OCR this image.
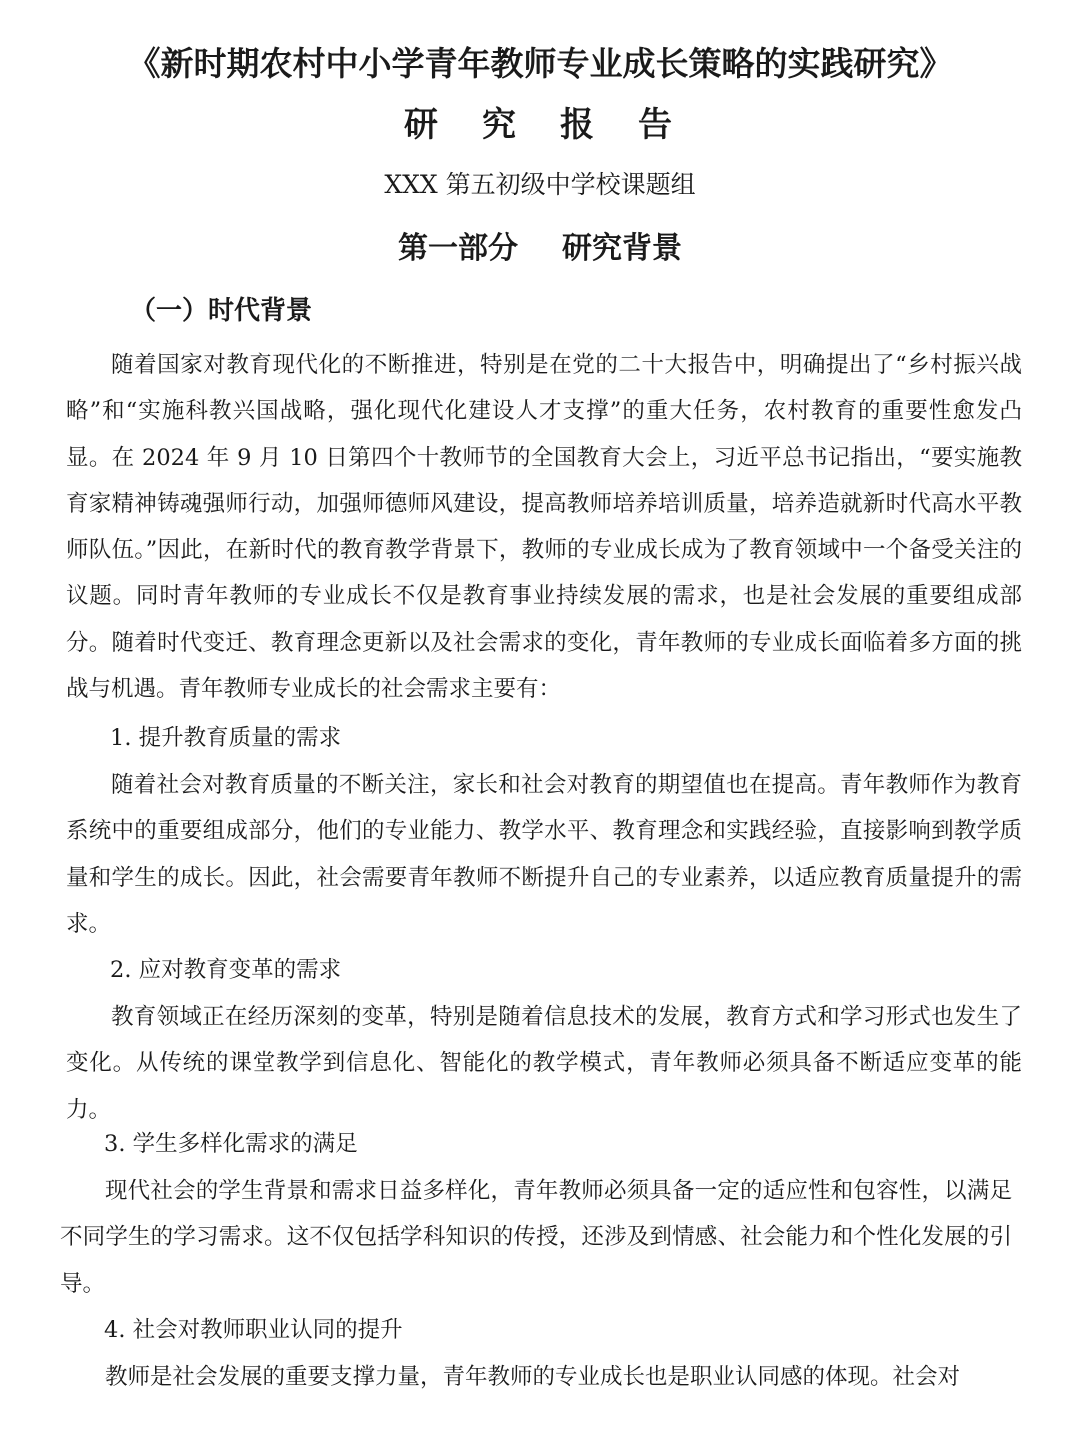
《新时期农村中小学青年教师专业成长策略的实践研究》
研究报告
XXX 第五初级中学校课题组
第一部分 研究背景
（一）时代背景

随着国家对教育现代化的不断推进，特别是在党的二十大报告中，明确提出了“乡村振兴战略”和“实施科教兴国战略，强化现代化建设人才支撑”的重大任务，农村教育的重要性愈发凸显。在 2024 年 9 月 10 日第四个十教师节的全国教育大会上，习近平总书记指出，“要实施教育家精神铸魂强师行动，加强师德师风建设，提高教师培养培训质量，培养造就新时代高水平教师队伍。”因此，在新时代的教育教学背景下，教师的专业成长成为了教育领域中一个备受关注的议题。同时青年教师的专业成长不仅是教育事业持续发展的需求，也是社会发展的重要组成部分。随着时代变迁、教育理念更新以及社会需求的变化，青年教师的专业成长面临着多方面的挑战与机遇。青年教师专业成长的社会需求主要有：

1. 提升教育质量的需求

随着社会对教育质量的不断关注，家长和社会对教育的期望值也在提高。青年教师作为教育系统中的重要组成部分，他们的专业能力、教学水平、教育理念和实践经验，直接影响到教学质量和学生的成长。因此，社会需要青年教师不断提升自己的专业素养，以适应教育质量提升的需求。

2. 应对教育变革的需求

教育领域正在经历深刻的变革，特别是随着信息技术的发展，教育方式和学习形式也发生了变化。从传统的课堂教学到信息化、智能化的教学模式，青年教师必须具备不断适应变革的能力。

3. 学生多样化需求的满足

现代社会的学生背景和需求日益多样化，青年教师必须具备一定的适应性和包容性，以满足不同学生的学习需求。这不仅包括学科知识的传授，还涉及到情感、社会能力和个性化发展的引导。

4. 社会对教师职业认同的提升

教师是社会发展的重要支撑力量，青年教师的专业成长也是职业认同感的体现。社会对
